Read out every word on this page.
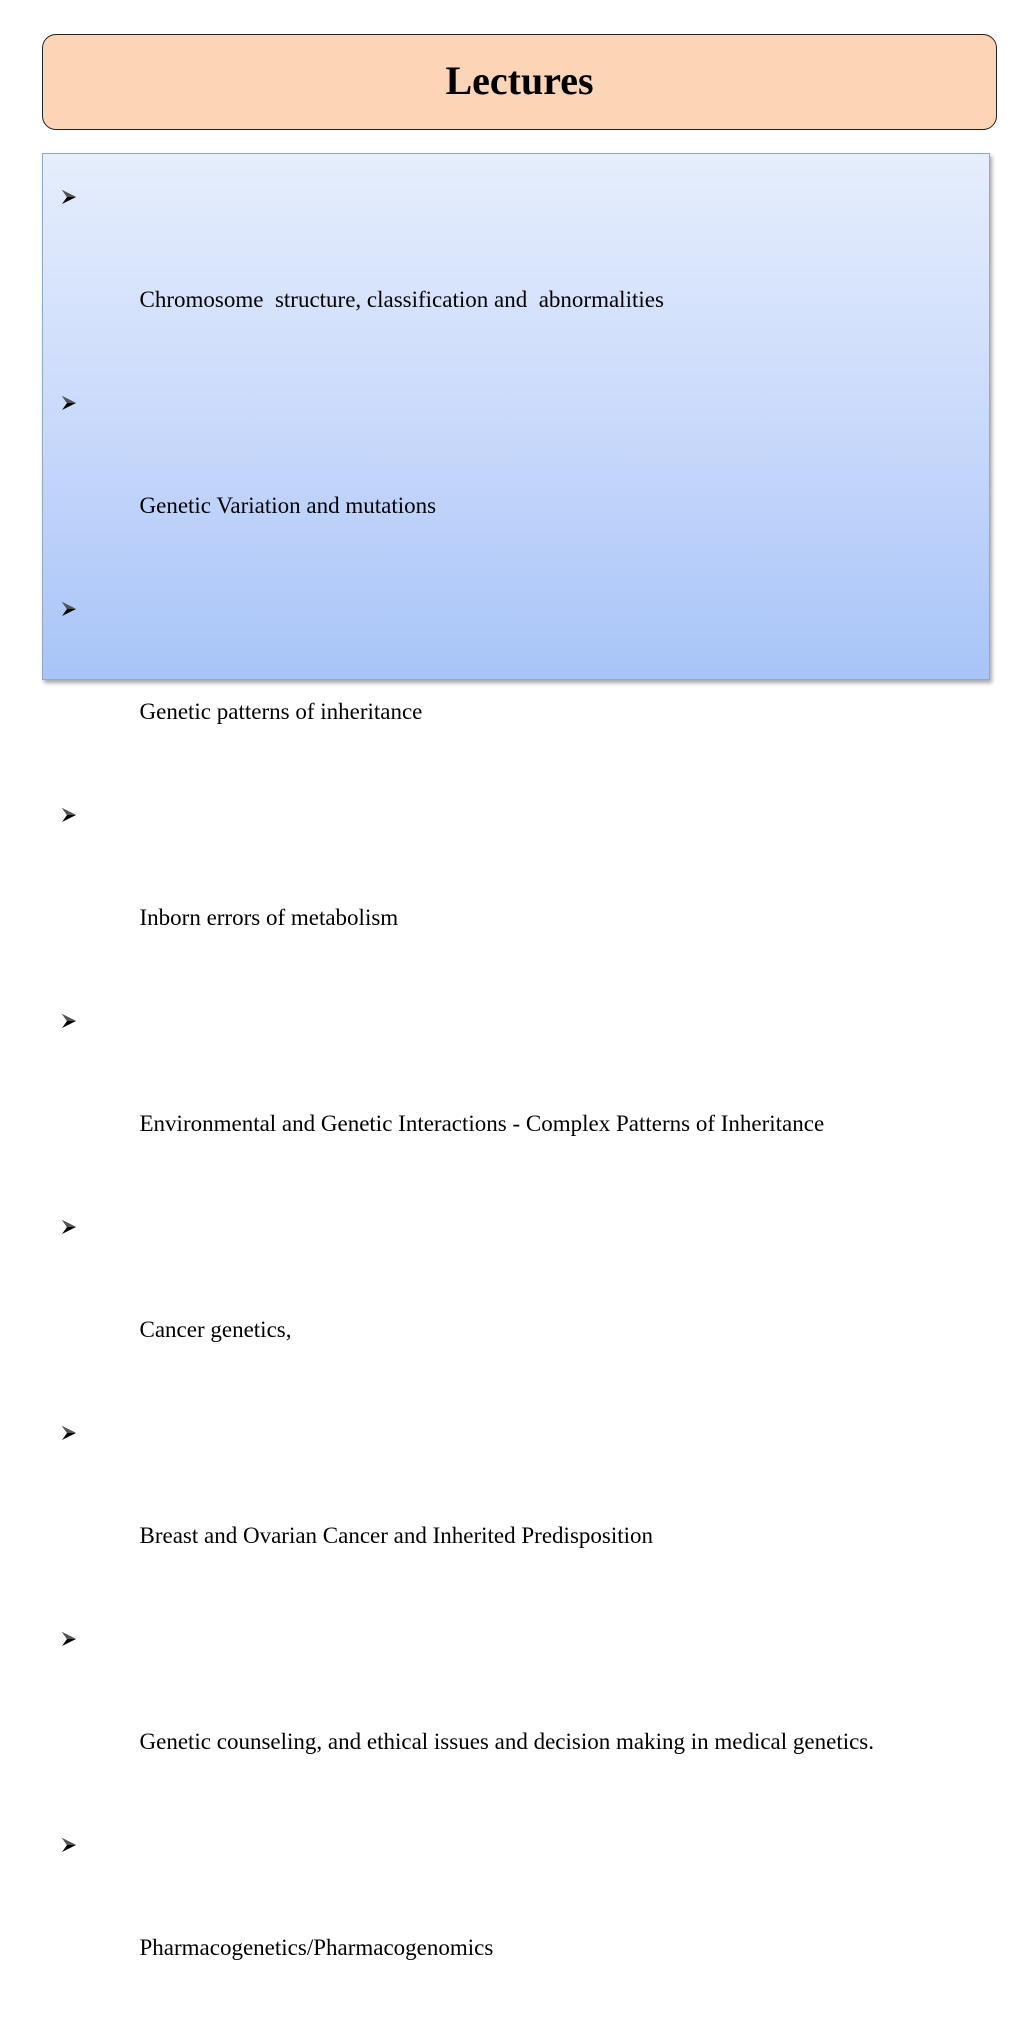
Lectures

Chromosome  structure, classification and  abnormalities

Genetic Variation and mutations

Genetic patterns of inheritance

Inborn errors of metabolism

Environmental and Genetic Interactions - Complex Patterns of Inheritance

Cancer genetics,

Breast and Ovarian Cancer and Inherited Predisposition

Genetic counseling, and ethical issues and decision making in medical genetics.

Pharmacogenetics/Pharmacogenomics
